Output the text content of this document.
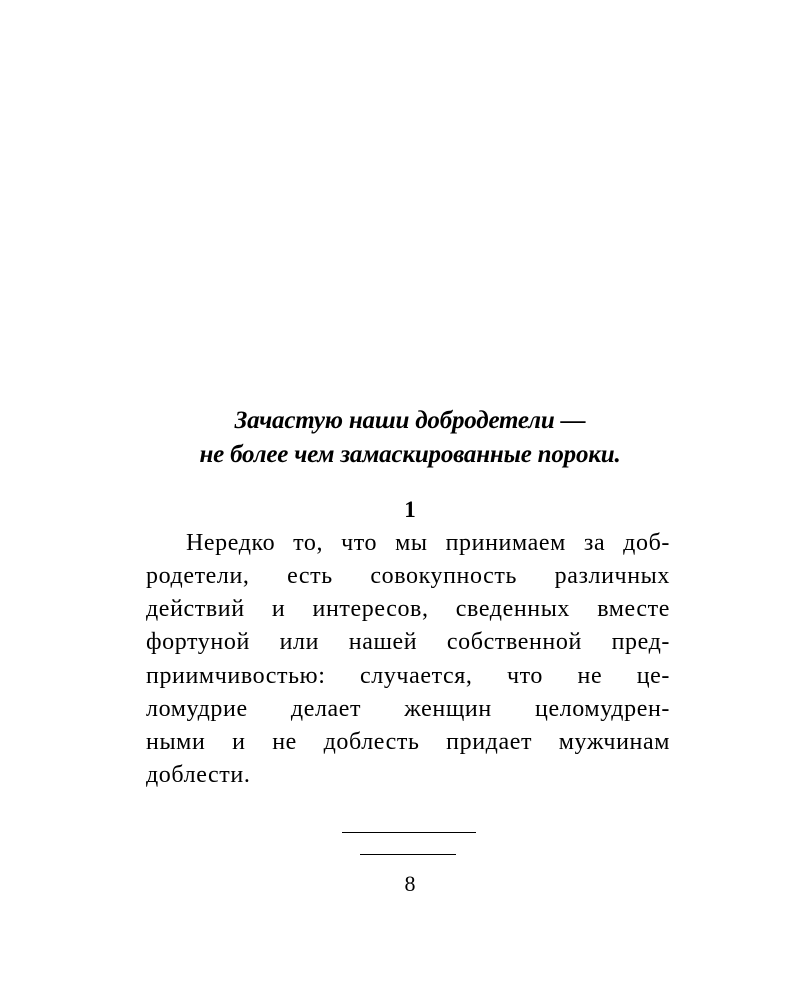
Зачастую наши добродетели —
не более чем замаскированные пороки.
1
Нередко то, что мы принимаем за доб-
родетели, есть совокупность различных
действий и интересов, сведенных вместе
фортуной или нашей собственной пред-
приимчивостью: случается, что не це-
ломудрие делает женщин целомудрен-
ными и не доблесть придает мужчинам
доблести.
8
